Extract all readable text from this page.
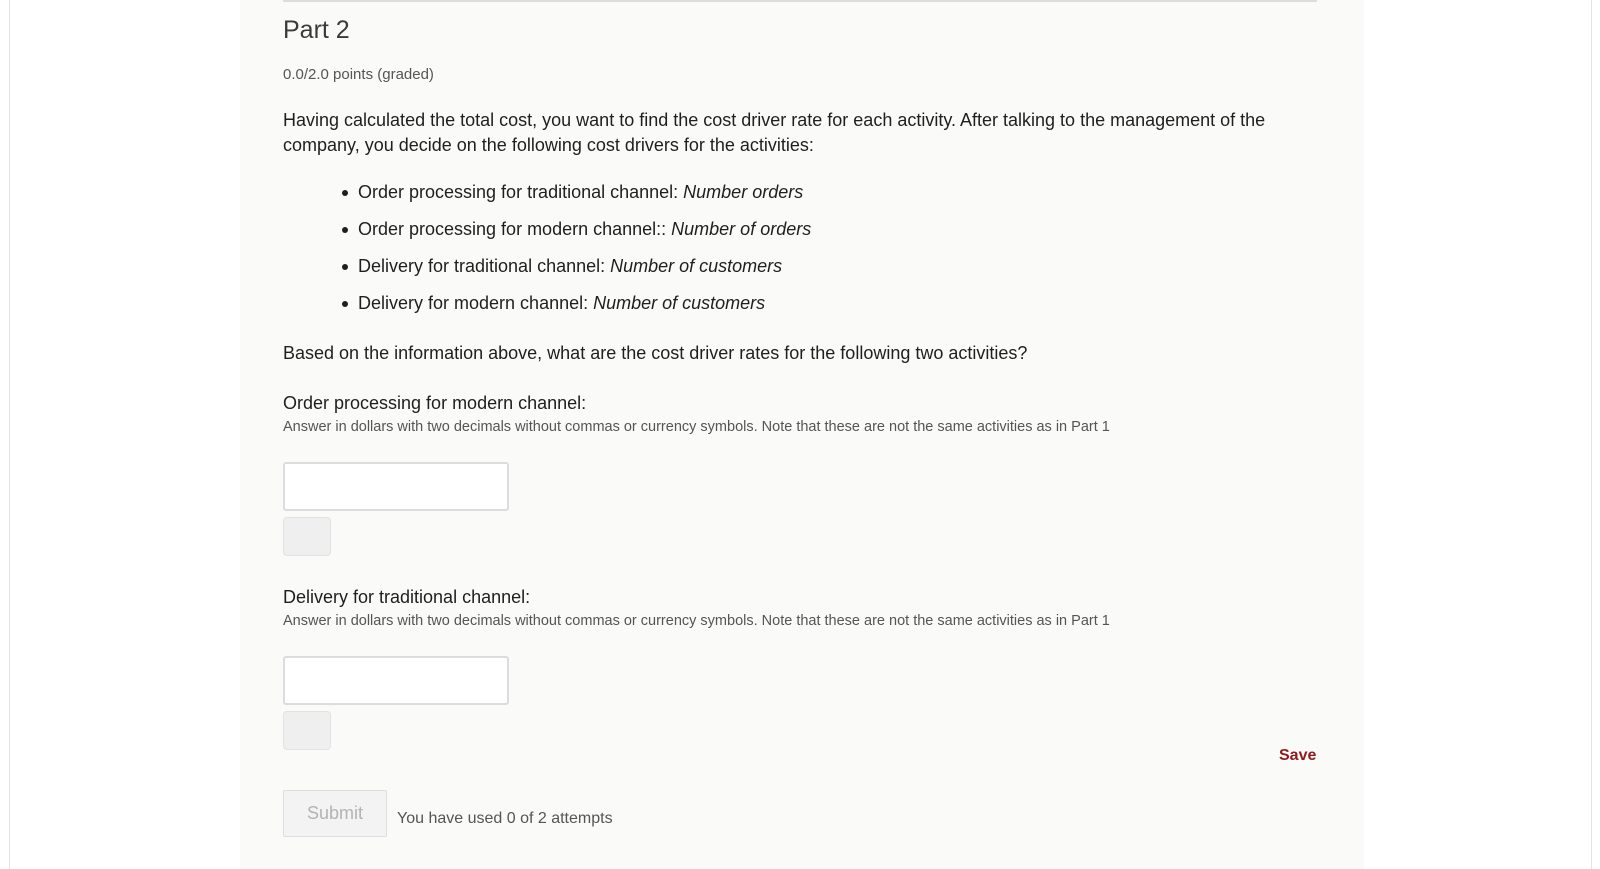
Part 2
0.0/2.0 points (graded)

Having calculated the total cost, you want to find the cost driver rate for each activity. After talking to the management of the company, you decide on the following cost drivers for the activities:

Order processing for traditional channel: Number orders
Order processing for modern channel:: Number of orders
Delivery for traditional channel: Number of customers
Delivery for modern channel: Number of customers

Based on the information above, what are the cost driver rates for the following two activities?

Order processing for modern channel:
Answer in dollars with two decimals without commas or currency symbols. Note that these are not the same activities as in Part 1
Delivery for traditional channel:
Answer in dollars with two decimals without commas or currency symbols. Note that these are not the same activities as in Part 1
Save
Submit	You have used 0 of 2 attempts
